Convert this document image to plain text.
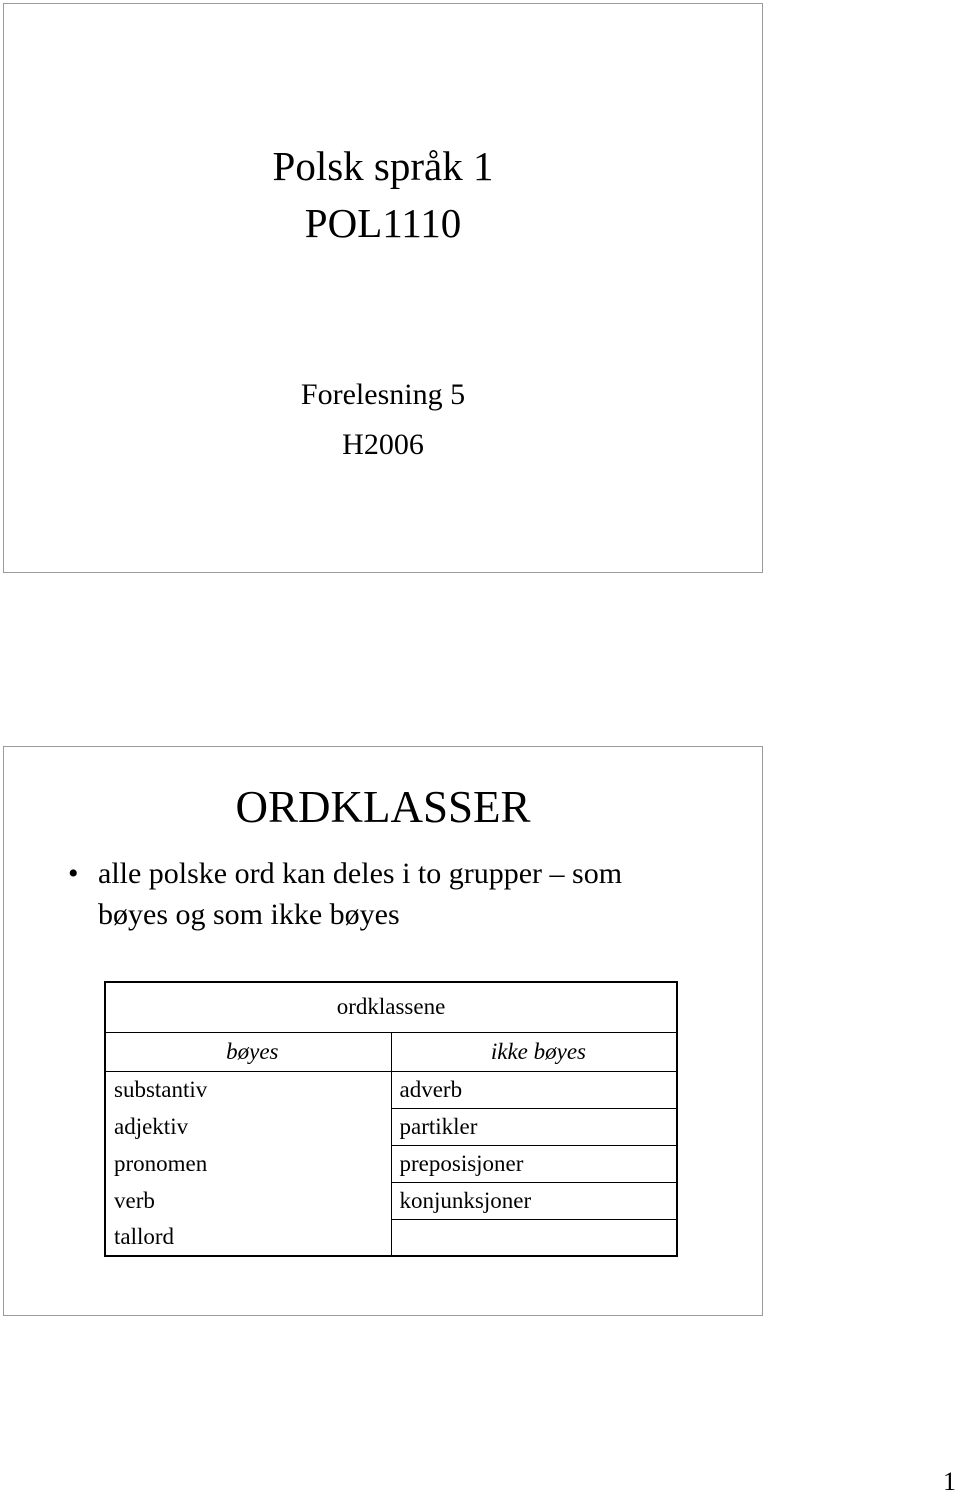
Polsk språk 1
POL1110
Forelesning 5
H2006
ORDKLASSER
• alle polske ord kan deles i to grupper – som
bøyes og som ikke bøyes
ordklassene	
bøyes	ikke bøyes
substantiv	adverb
adjektiv	partikler
pronomen	preposisjoner
verb	konjunksjoner
tallord	
1
